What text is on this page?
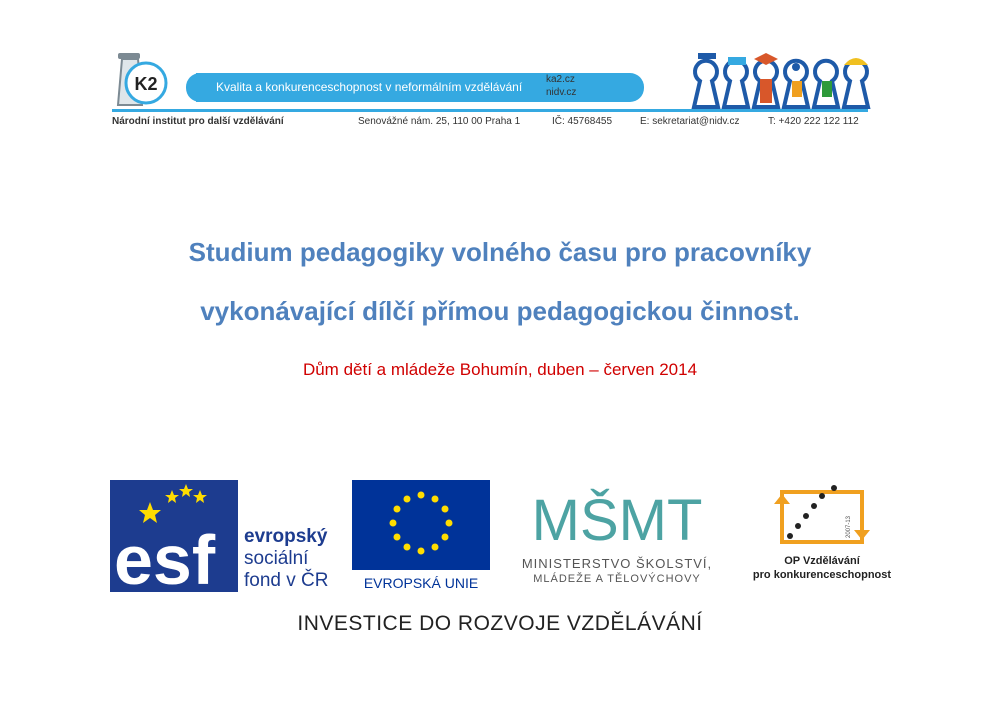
K2	Kvalita a konkurenceschopnost v neformálním vzdělávání
ka2.cz
nidv.cz
Národní institut pro další vzdělávání	Senovážné nám. 25, 110 00 Praha 1	IČ: 45768455	E: sekretariat@nidv.cz	T: +420 222 122 112
Studium pedagogiky volného času pro pracovníky
vykonávající dílčí přímou pedagogickou činnost.
Dům dětí a mládeže Bohumín, duben – červen 2014
esf evropský
sociální
fond v ČR	EVROPSKÁ UNIE
MŠMT
MINISTERSTVO ŠKOLSTVÍ,
MLÁDEŽE A TĚLOVÝCHOVY
2007-13
OP Vzdělávání
pro konkurenceschopnost
INVESTICE DO ROZVOJE VZDĚLÁVÁNÍ
